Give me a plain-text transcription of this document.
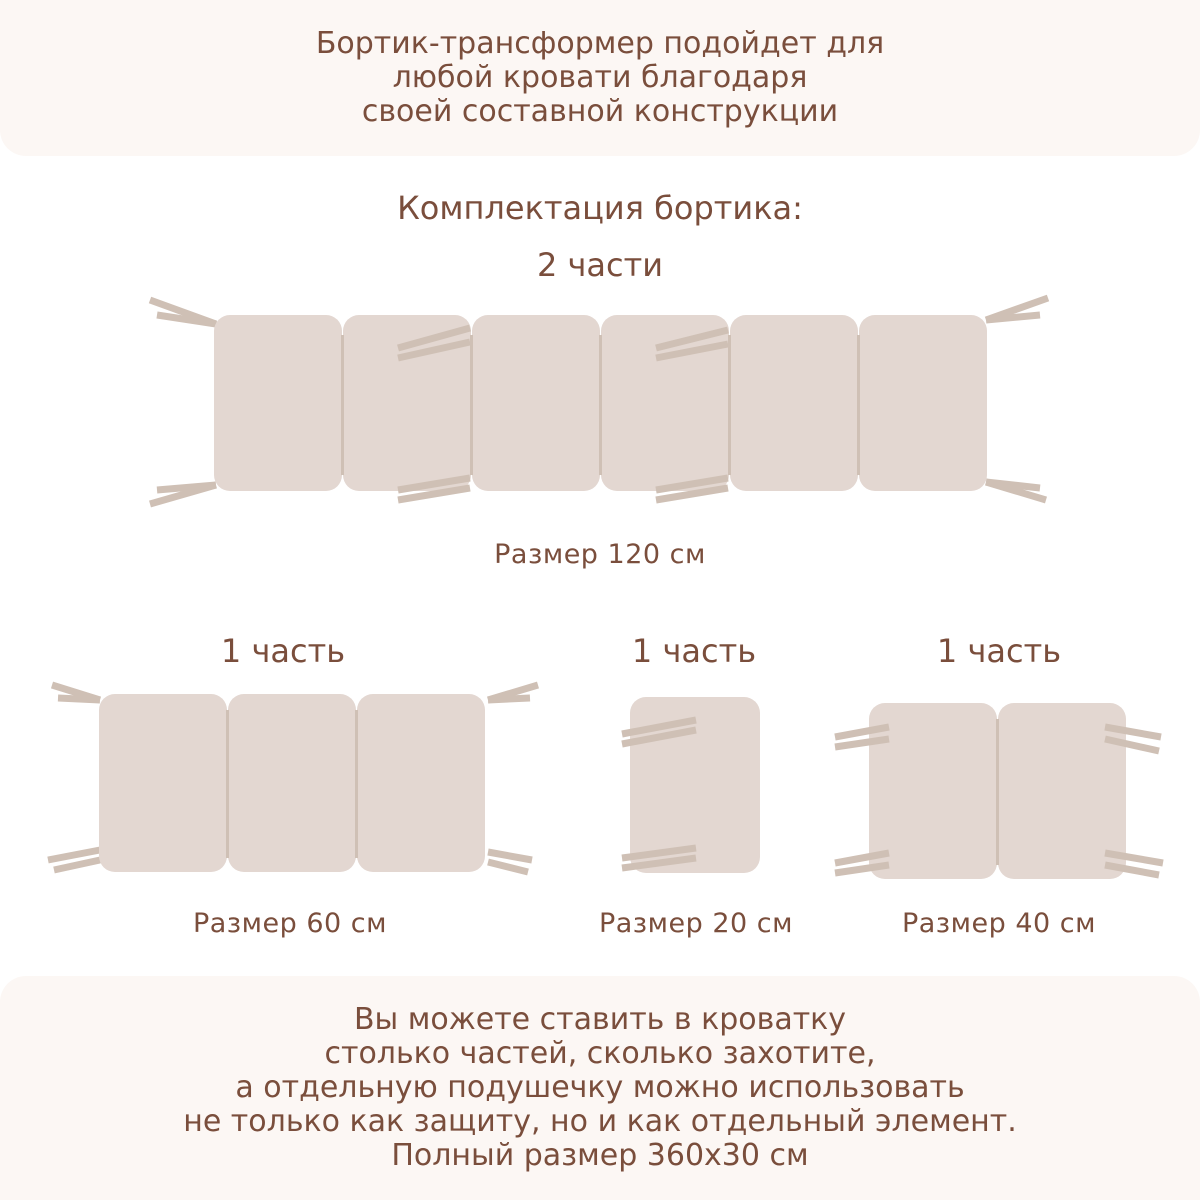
Бортик-трансформер подойдет для
любой кровати благодаря
своей составной конструкции
Комплектация бортика:
2 части
Размер 120 см
1 часть
Размер 60 см
1 часть
Размер 20 см
1 часть
Размер 40 см
Вы можете ставить в кроватку
столько частей, сколько захотите,
а отдельную подушечку можно использовать
не только как защиту, но и как отдельный элемент.
Полный размер 360х30 см
